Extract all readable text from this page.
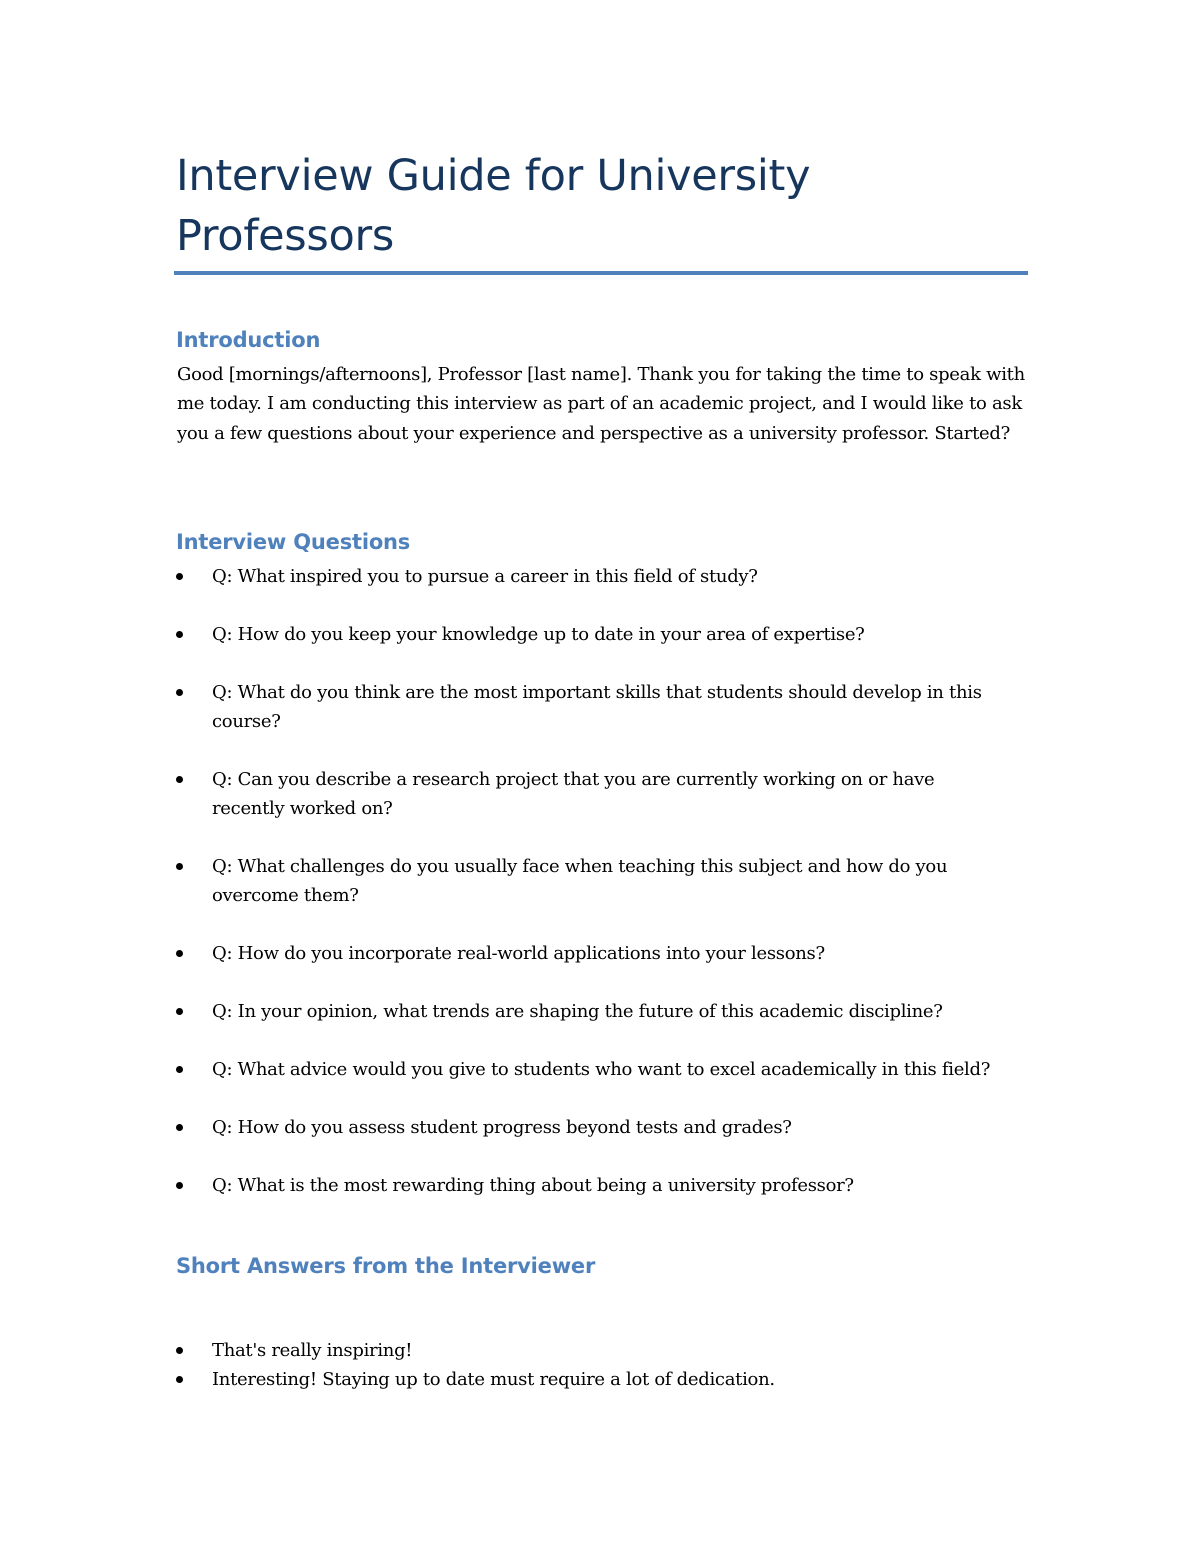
Interview Guide for University Professors
Introduction

Good [mornings/afternoons], Professor [last name]. Thank you for taking the time to speak with me today. I am conducting this interview as part of an academic project, and I would like to ask you a few questions about your experience and perspective as a university professor. Started?

Interview Questions
Q: What inspired you to pursue a career in this field of study?
Q: How do you keep your knowledge up to date in your area of expertise?
Q: What do you think are the most important skills that students should develop in this course?
Q: Can you describe a research project that you are currently working on or have recently worked on?
Q: What challenges do you usually face when teaching this subject and how do you overcome them?
Q: How do you incorporate real-world applications into your lessons?
Q: In your opinion, what trends are shaping the future of this academic discipline?
Q: What advice would you give to students who want to excel academically in this field?
Q: How do you assess student progress beyond tests and grades?
Q: What is the most rewarding thing about being a university professor?
Short Answers from the Interviewer
That's really inspiring!
Interesting! Staying up to date must require a lot of dedication.
